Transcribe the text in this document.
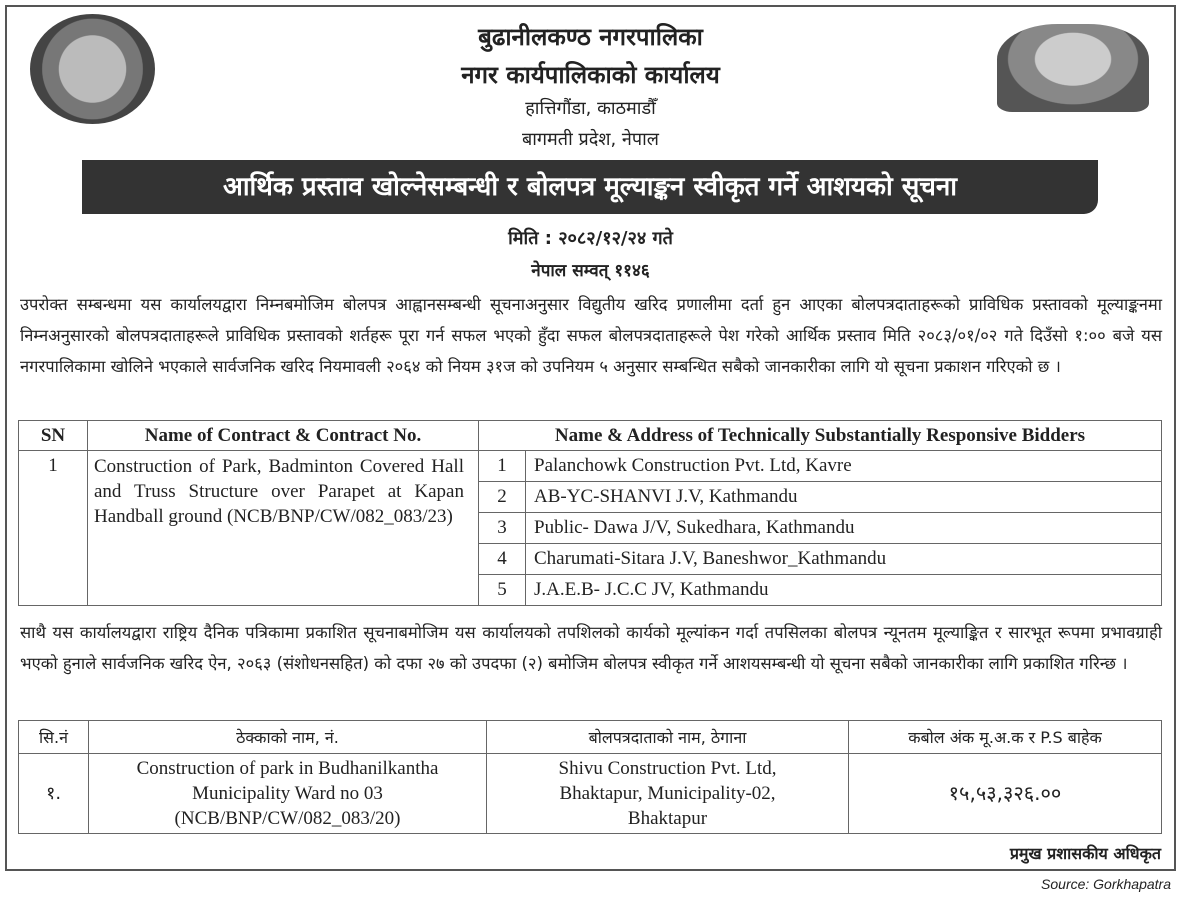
बुढानीलकण्ठ नगरपालिका
नगर कार्यपालिकाको कार्यालय
हात्तिगौंडा, काठमाडौँ
बागमती प्रदेश, नेपाल
आर्थिक प्रस्ताव खोल्नेसम्बन्धी र बोलपत्र मूल्याङ्कन स्वीकृत गर्ने आशयको सूचना
मिति : २०८२/१२/२४ गते
नेपाल सम्वत् ११४६

उपरोक्त सम्बन्धमा यस कार्यालयद्वारा निम्नबमोजिम बोलपत्र आह्वानसम्बन्धी सूचनाअनुसार विद्युतीय खरिद प्रणालीमा दर्ता हुन आएका बोलपत्रदाताहरूको प्राविधिक प्रस्तावको मूल्याङ्कनमा निम्नअनुसारको बोलपत्रदाताहरूले प्राविधिक प्रस्तावको शर्तहरू पूरा गर्न सफल भएको हुँदा सफल बोलपत्रदाताहरूले पेश गरेको आर्थिक प्रस्ताव मिति २०८३/०१/०२ गते दिउँसो १:०० बजे यस नगरपालिकामा खोलिने भएकाले सार्वजनिक खरिद नियमावली २०६४ को नियम ३१ज को उपनियम ५ अनुसार सम्बन्धित सबैको जानकारीका लागि यो सूचना प्रकाशन गरिएको छ ।

SN	Name of Contract & Contract No.	Name & Address of Technically Substantially Responsive Bidders	
1	Construction of Park, Badminton Covered Hall and Truss Structure over Parapet at Kapan Handball ground (NCB/BNP/CW/082_083/23)	1	Palanchowk Construction Pvt. Ltd, Kavre
		2	AB-YC-SHANVI J.V, Kathmandu
		3	Public- Dawa J/V, Sukedhara, Kathmandu
		4	Charumati-Sitara J.V, Baneshwor_Kathmandu
		5	J.A.E.B- J.C.C JV, Kathmandu

साथै यस कार्यालयद्वारा राष्ट्रिय दैनिक पत्रिकामा प्रकाशित सूचनाबमोजिम यस कार्यालयको तपशिलको कार्यको मूल्यांकन गर्दा तपसिलका बोलपत्र न्यूनतम मूल्याङ्कित र सारभूत रूपमा प्रभावग्राही भएको हुनाले सार्वजनिक खरिद ऐन, २०६३ (संशोधनसहित) को दफा २७ को उपदफा (२) बमोजिम बोलपत्र स्वीकृत गर्ने आशयसम्बन्धी यो सूचना सबैको जानकारीका लागि प्रकाशित गरिन्छ ।

सि.नं	ठेक्काको नाम, नं.	बोलपत्रदाताको नाम, ठेगाना	कबोल अंक मू.अ.क र P.S बाहेक
१.	Construction of park in Budhanilkantha Municipality Ward no 03 (NCB/BNP/CW/082_083/20)	Shivu Construction Pvt. Ltd, Bhaktapur, Municipality-02, Bhaktapur	१५,५३,३२६.००
प्रमुख प्रशासकीय अधिकृत
Source: Gorkhapatra
